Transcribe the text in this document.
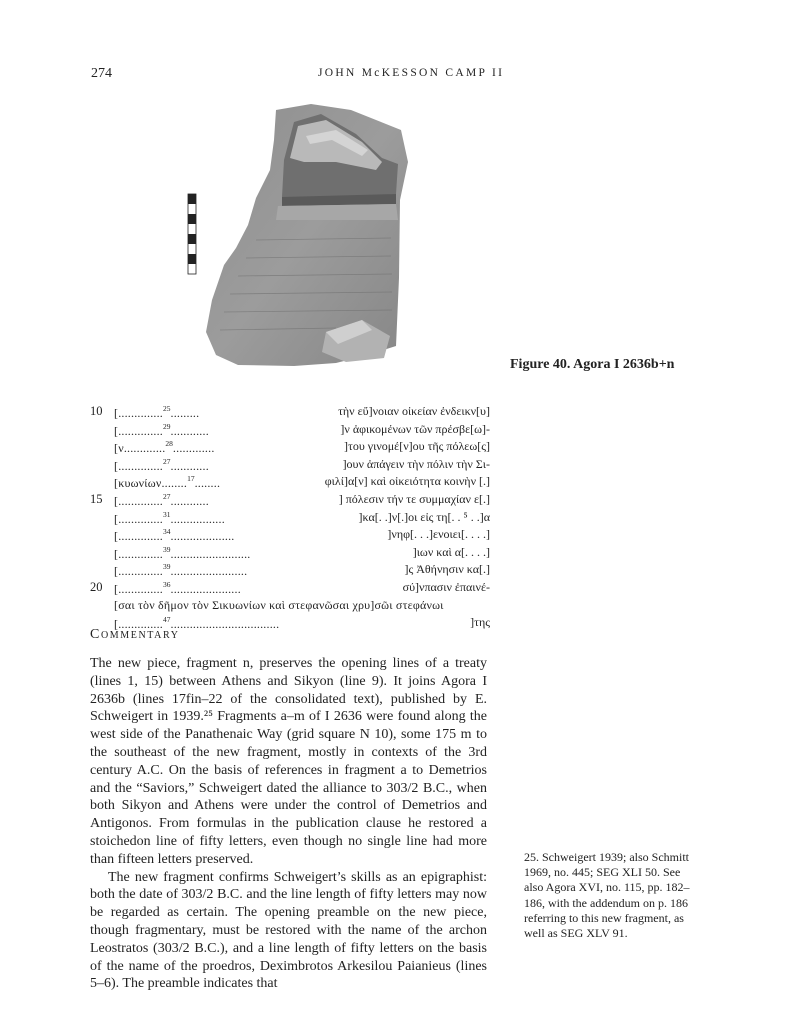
274	JOHN McKESSON CAMP II
Figure 40. Agora I 2636b+n
10 [..............$^{25}$.........	τὴν εὔ]νοιαν οἰκείαν ἐνδεικν[υ]
[..............$^{29}$............	]ν ἀφικομένων τῶν πρέσβε[ω]-
[ν.............$^{28}$.............	]του γινομέ[ν]ου τῆς πόλεω[ς]
[..............$^{27}$............	]ουν ἀπάγειν τὴν πόλιν τὴν Σι-
[κυωνίων........$^{17}$........	φιλί]α[ν] καὶ οἰκειότητα κοινὴν [.]
15 [..............$^{27}$............	] πόλεσιν τήν τε συμμαχίαν ε[.]
[..............$^{31}$.................	]κα[. .]ν[.]οι εἰς τη[. . ⁵ . .]α
[..............$^{34}$....................	]νηφ[. . .]ενοιει[. . . .]
[..............$^{39}$.........................	]ιων καὶ α[. . . .]
[..............$^{39}$........................	]ς Ἀθήνησιν κα[.]
20 [..............$^{36}$......................	σύ]νπασιν ἐπαινέ-
[σαι τὸν δῆμον τὸν Σικυωνίων καὶ στεφανῶσαι χρυ]σῶι στεφάνωι
[..............$^{47}$..................................	]της
Commentary

The new piece, fragment n, preserves the opening lines of a treaty (lines 1, 15) between Athens and Sikyon (line 9). It joins Agora I 2636b (lines 17fin–22 of the consolidated text), published by E. Schweigert in 1939.²⁵ Fragments a–m of I 2636 were found along the west side of the Panathenaic Way (grid square N 10), some 175 m to the southeast of the new fragment, mostly in contexts of the 3rd century A.C. On the basis of references in fragment a to Demetrios and the “Saviors,” Schweigert dated the alliance to 303/2 B.C., when both Sikyon and Athens were under the control of Demetrios and Antigonos. From formulas in the publication clause he restored a stoichedon line of fifty letters, even though no single line had more than fifteen letters preserved.

The new fragment confirms Schweigert’s skills as an epigraphist: both the date of 303/2 B.C. and the line length of fifty letters may now be regarded as certain. The opening preamble on the new piece, though fragmentary, must be restored with the name of the archon Leostratos (303/2 B.C.), and a line length of fifty letters on the basis of the name of the proedros, Deximbrotos Arkesilou Paianieus (lines 5–6). The preamble indicates that

25. Schweigert 1939; also Schmitt 1969, no. 445; SEG XLI 50. See also Agora XVI, no. 115, pp. 182–186, with the addendum on p. 186 referring to this new fragment, as well as SEG XLV 91.
